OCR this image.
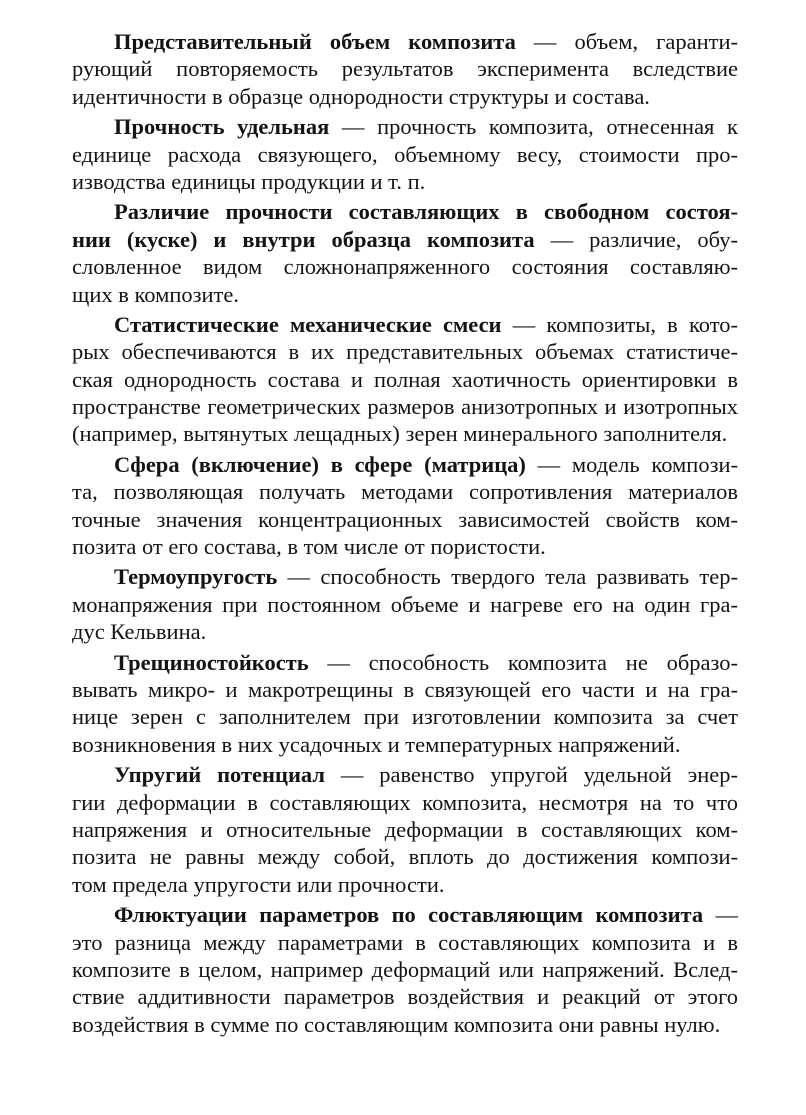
Представительный объем композита — объем, гаранти-
рующий повторяемость результатов эксперимента вследствие
идентичности в образце однородности структуры и состава.
Прочность удельная — прочность композита, отнесенная к
единице расхода связующего, объемному весу, стоимости про-
изводства единицы продукции и т. п.
Различие прочности составляющих в свободном состоя-
нии (куске) и внутри образца композита — различие, обу-
словленное видом сложнонапряженного состояния составляю-
щих в композите.
Статистические механические смеси — композиты, в кото-
рых обеспечиваются в их представительных объемах статистиче-
ская однородность состава и полная хаотичность ориентировки в
пространстве геометрических размеров анизотропных и изотропных
(например, вытянутых лещадных) зерен минерального заполнителя.
Сфера (включение) в сфере (матрица) — модель компози-
та, позволяющая получать методами сопротивления материалов
точные значения концентрационных зависимостей свойств ком-
позита от его состава, в том числе от пористости.
Термоупругость — способность твердого тела развивать тер-
монапряжения при постоянном объеме и нагреве его на один гра-
дус Кельвина.
Трещиностойкость — способность композита не образо-
вывать микро- и макротрещины в связующей его части и на гра-
нице зерен с заполнителем при изготовлении композита за счет
возникновения в них усадочных и температурных напряжений.
Упругий потенциал — равенство упругой удельной энер-
гии деформации в составляющих композита, несмотря на то что
напряжения и относительные деформации в составляющих ком-
позита не равны между собой, вплоть до достижения компози-
том предела упругости или прочности.
Флюктуации параметров по составляющим композита —
это разница между параметрами в составляющих композита и в
композите в целом, например деформаций или напряжений. Вслед-
ствие аддитивности параметров воздействия и реакций от этого
воздействия в сумме по составляющим композита они равны нулю.
